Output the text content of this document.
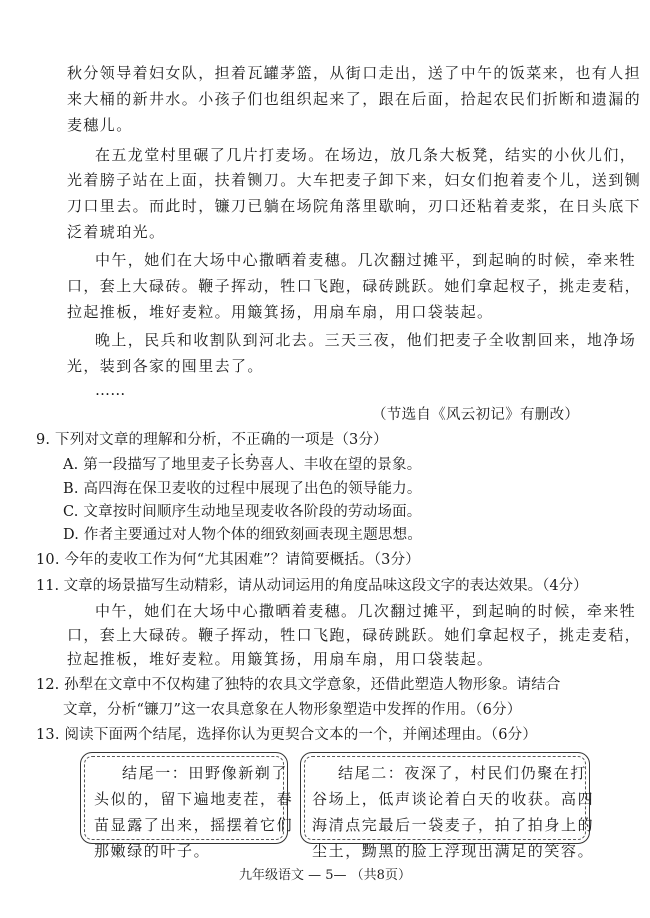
秋分领导着妇女队，担着瓦罐茅篮，从街口走出，送了中午的饭菜来，也有人担
来大桶的新井水。小孩子们也组织起来了，跟在后面，拾起农民们折断和遗漏的
麦穗儿。
在五龙堂村里碾了几片打麦场。在场边，放几条大板凳，结实的小伙儿们，
光着膀子站在上面，扶着铡刀。大车把麦子卸下来，妇女们抱着麦个儿，送到铡
刀口里去。而此时，镰刀已躺在场院角落里歇晌，刃口还粘着麦浆，在日头底下
泛着琥珀光。
中午，她们在大场中心撒晒着麦穗。几次翻过摊平，到起晌的时候，牵来牲
口，套上大碌砖。鞭子挥动，牲口飞跑，碌砖跳跃。她们拿起杈子，挑走麦秸，
拉起推板，堆好麦粒。用簸箕扬，用扇车扇，用口袋装起。
晚上，民兵和收割队到河北去。三天三夜，他们把麦子全收割回来，地净场
光，装到各家的囤里去了。
……
（节选自《风云初记》有删改）
9. 下列对文章的理解和分析，不正确 • •的一项是（3分）
A. 第一段描写了地里麦子长势喜人、丰收在望的景象。
B. 高四海在保卫麦收的过程中展现了出色的领导能力。
C. 文章按时间顺序生动地呈现麦收各阶段的劳动场面。
D. 作者主要通过对人物个体的细致刻画表现主题思想。
10. 今年的麦收工作为何“尤其困难”？请简要概括。（3分）
11. 文章的场景描写生动精彩，请从动词运用的角度品味这段文字的表达效果。（4分）
中午，她们在大场中心撒晒着麦穗。几次翻过摊平，到起晌的时候，牵来牲
口，套上大碌砖。鞭子挥动，牲口飞跑，碌砖跳跃。她们拿起杈子，挑走麦秸，
拉起推板，堆好麦粒。用簸箕扬，用扇车扇，用口袋装起。
12. 孙犁在文章中不仅构建了独特的农具文学意象，还借此塑造人物形象。请结合
文章，分析“镰刀”这一农具意象在人物形象塑造中发挥的作用。（6分）
13. 阅读下面两个结尾，选择你认为更契合文本的一个，并阐述理由。（6分）
结尾一：田野像新剃了
头似的，留下遍地麦茬，春
苗显露了出来，摇摆着它们
那嫩绿的叶子。
结尾二：夜深了，村民们仍聚在打
谷场上，低声谈论着白天的收获。高四
海清点完最后一袋麦子，拍了拍身上的
尘土，黝黑的脸上浮现出满足的笑容。
九年级语文 — 5— （共8页）
